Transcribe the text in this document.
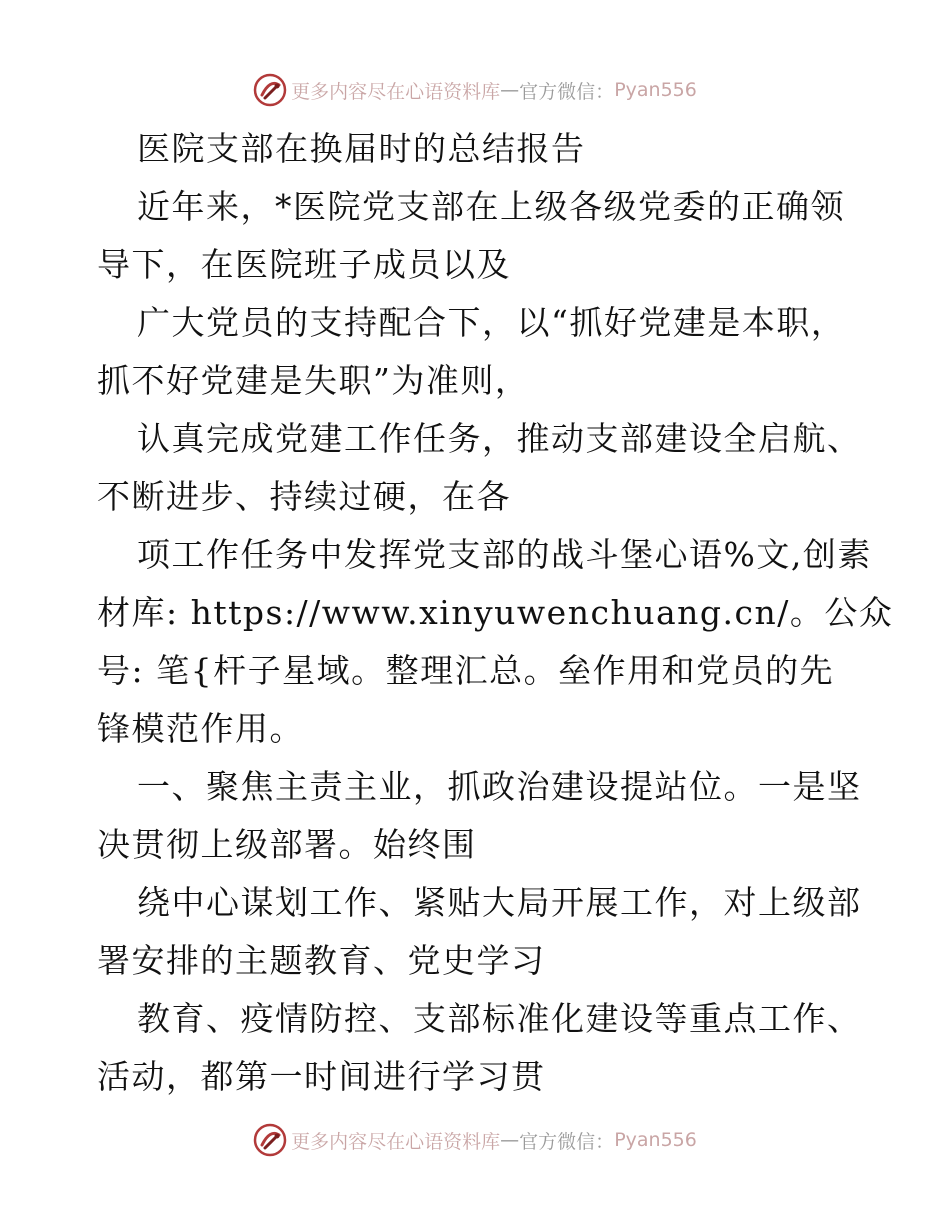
更多内容尽在心语资料库 — 官方微信： Pyan556
医院支部在换届时的总结报告
近年来，*医院党支部在上级各级党委的正确领
导下，在医院班子成员以及
广大党员的支持配合下，以“抓好党建是本职，
抓不好党建是失职”为准则，
认真完成党建工作任务，推动支部建设全启航、
不断进步、持续过硬，在各
项工作任务中发挥党支部的战斗堡心语%文,创素
材库: https://www.xinyuwenchuang.cn/。公众
号: 笔{杆子星域。整理汇总。垒作用和党员的先
锋模范作用。
一、聚焦主责主业，抓政治建设提站位。一是坚
决贯彻上级部署。始终围
绕中心谋划工作、紧贴大局开展工作，对上级部
署安排的主题教育、党史学习
教育、疫情防控、支部标准化建设等重点工作、
活动，都第一时间进行学习贯
更多内容尽在心语资料库 — 官方微信： Pyan556
